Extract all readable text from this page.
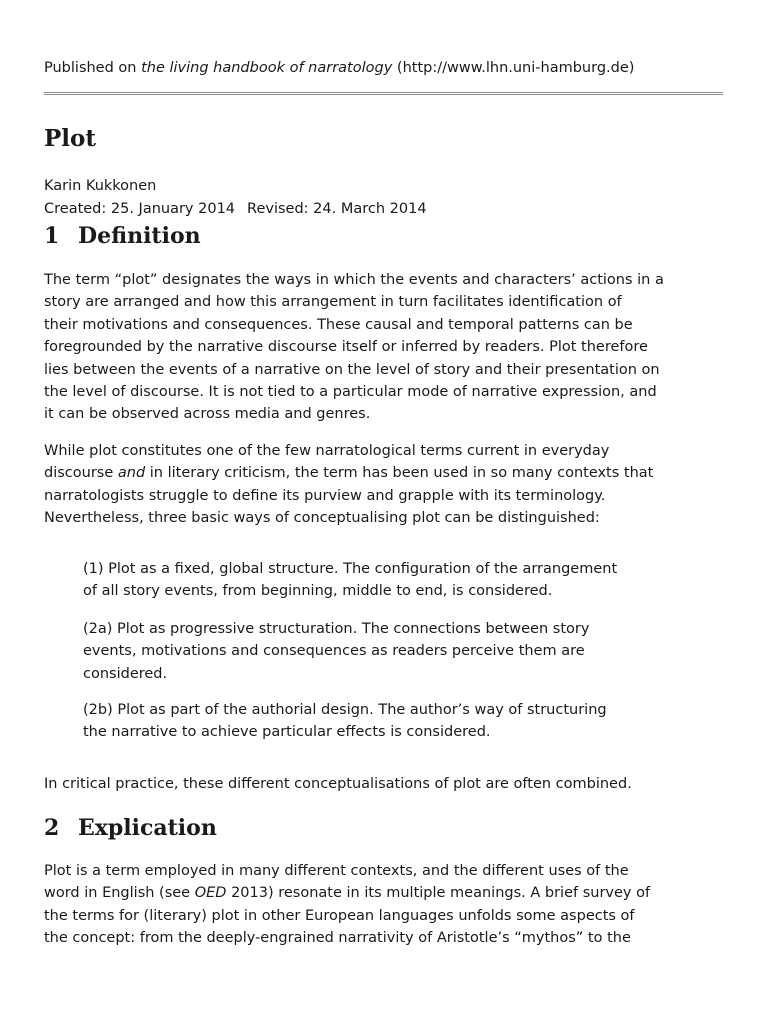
Published on the living handbook of narratology (http://www.lhn.uni-hamburg.de)
Plot
Karin Kukkonen
Created: 25. January 2014 Revised: 24. March 2014
1 Definition

The term “plot” designates the ways in which the events and characters’ actions in a
story are arranged and how this arrangement in turn facilitates identification of
their motivations and consequences. These causal and temporal patterns can be
foregrounded by the narrative discourse itself or inferred by readers. Plot therefore
lies between the events of a narrative on the level of story and their presentation on
the level of discourse. It is not tied to a particular mode of narrative expression, and
it can be observed across media and genres.

While plot constitutes one of the few narratological terms current in everyday
discourse and in literary criticism, the term has been used in so many contexts that
narratologists struggle to define its purview and grapple with its terminology.
Nevertheless, three basic ways of conceptualising plot can be distinguished:

(1) Plot as a fixed, global structure. The configuration of the arrangement
of all story events, from beginning, middle to end, is considered.

(2a) Plot as progressive structuration. The connections between story
events, motivations and consequences as readers perceive them are
considered.

(2b) Plot as part of the authorial design. The author’s way of structuring
the narrative to achieve particular effects is considered.

In critical practice, these different conceptualisations of plot are often combined.

2 Explication

Plot is a term employed in many different contexts, and the different uses of the
word in English (see OED 2013) resonate in its multiple meanings. A brief survey of
the terms for (literary) plot in other European languages unfolds some aspects of
the concept: from the deeply-engrained narrativity of Aristotle’s “mythos” to the
